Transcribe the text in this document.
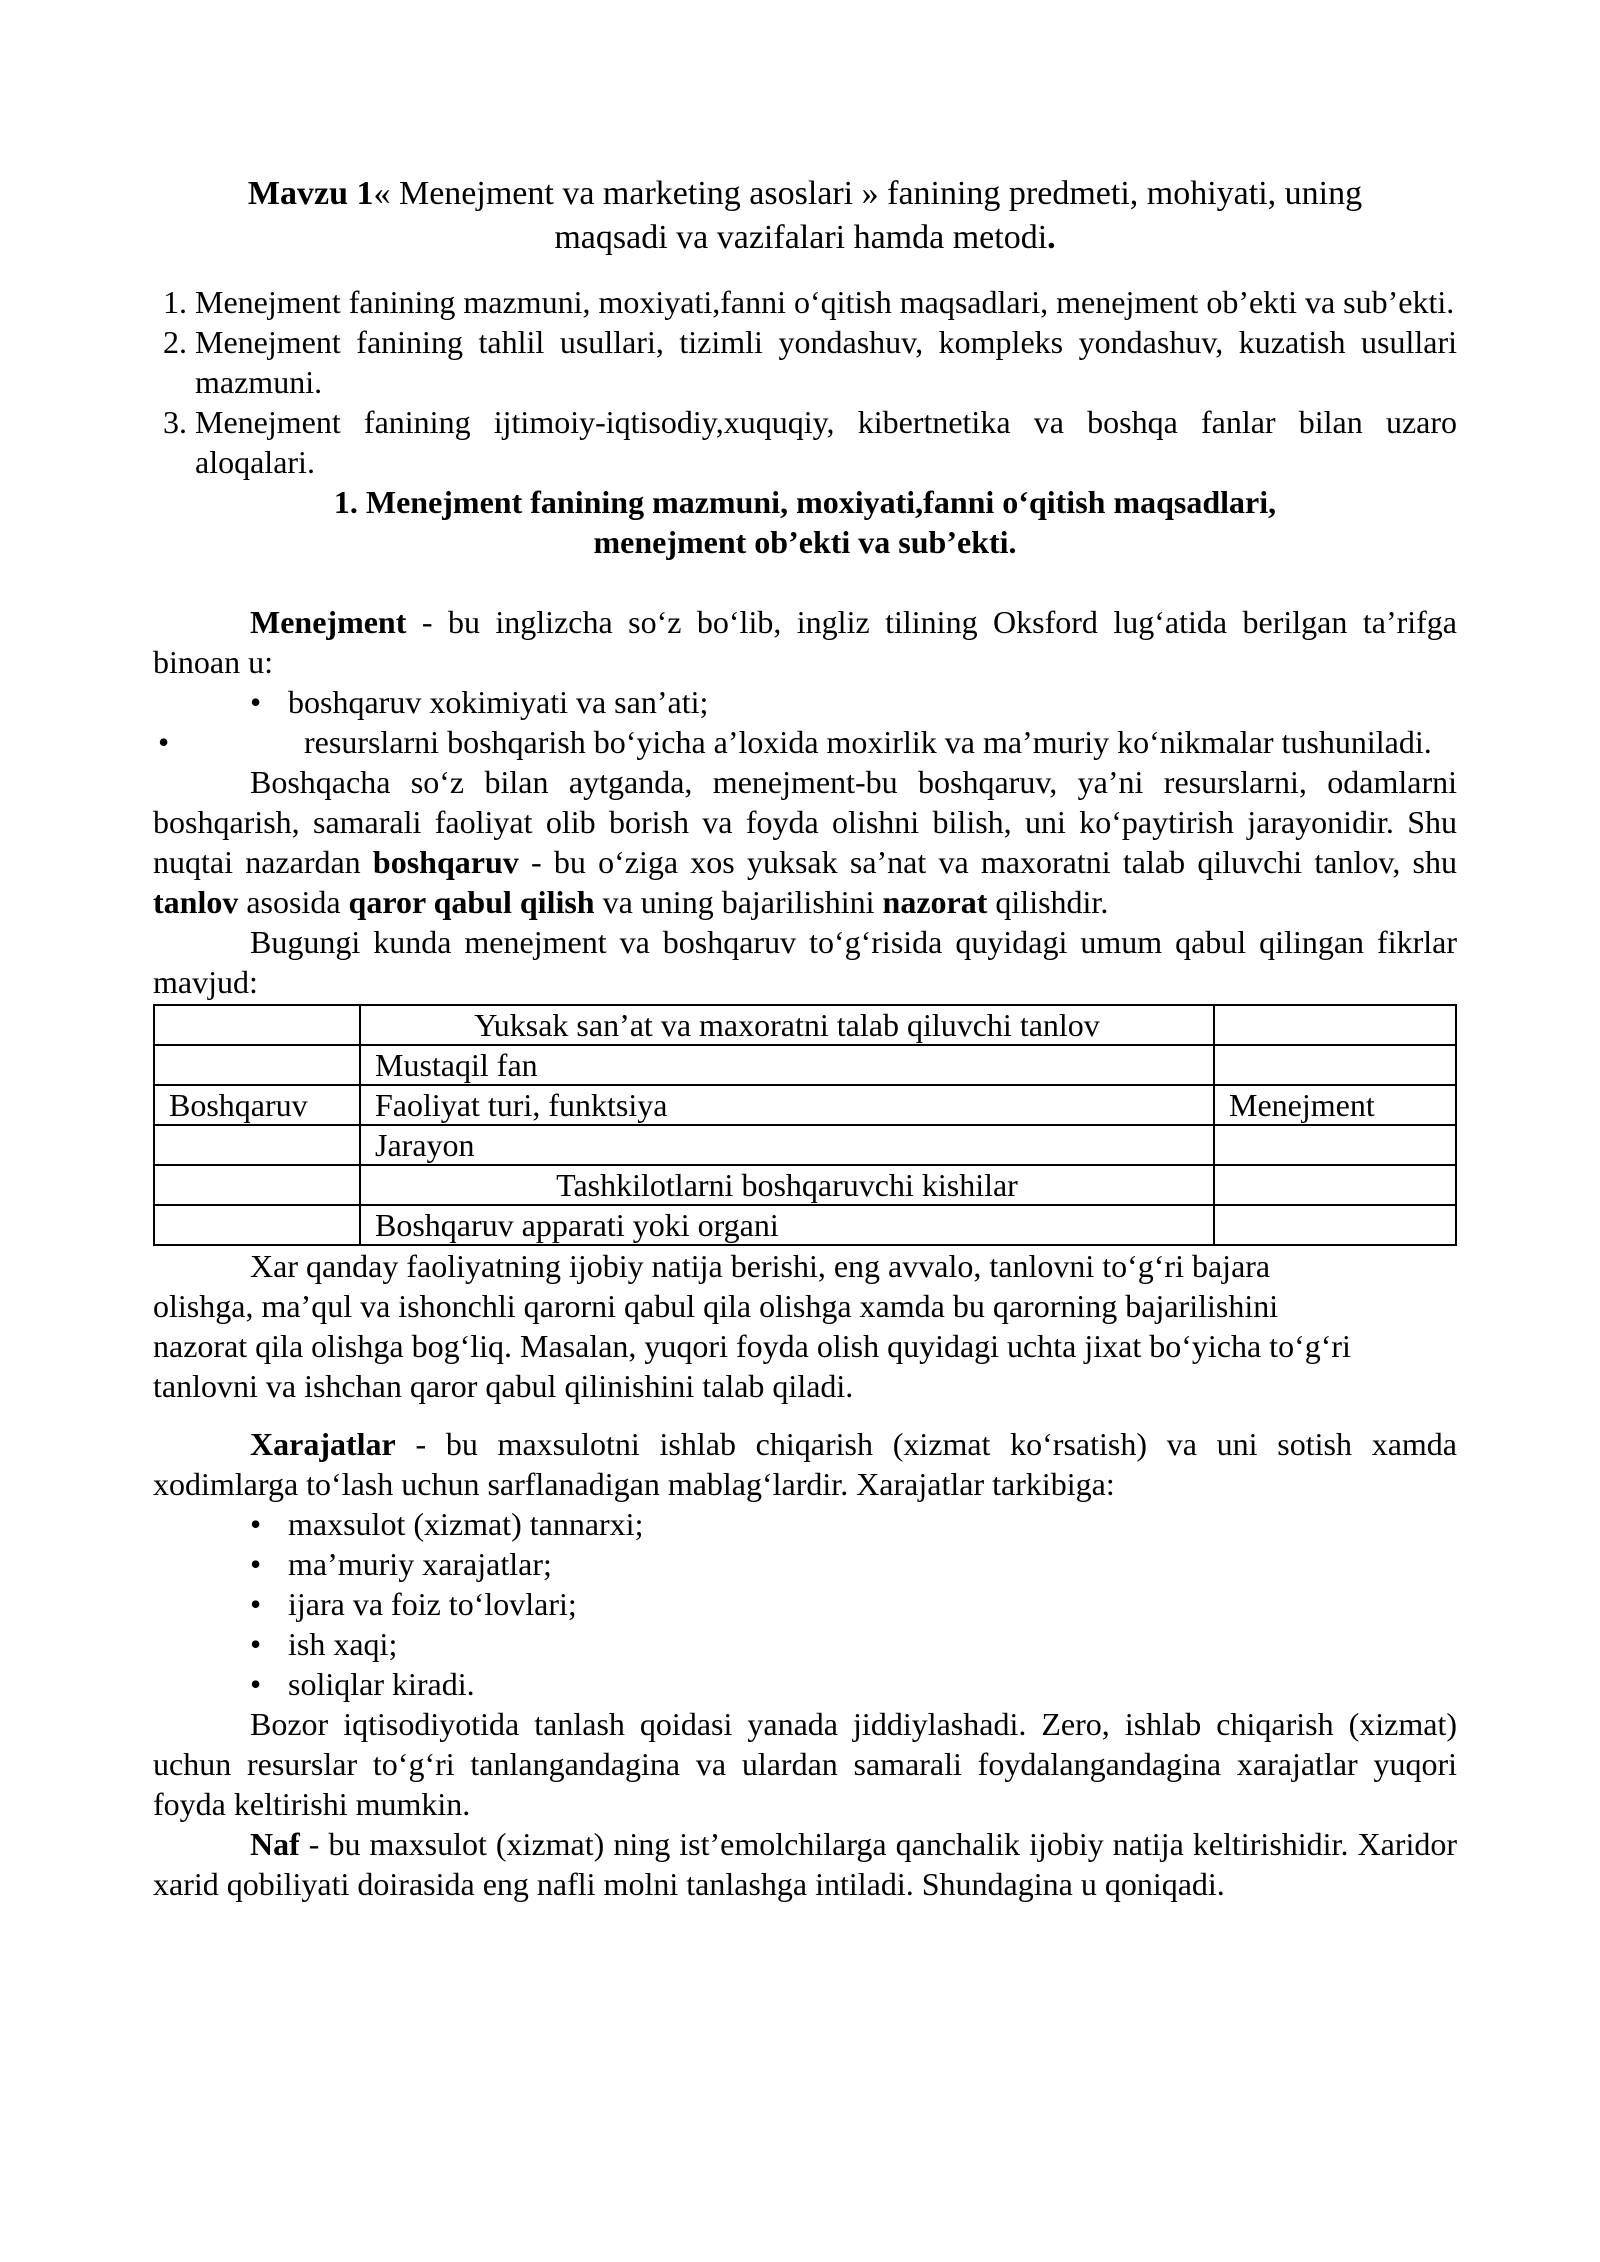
Mavzu 1« Menejment va marketing asoslari » fanining predmeti, mohiyati, uning
maqsadi va vazifalari hamda metodi.
1. Menejment fanining mazmuni, moxiyati,fanni o‘qitish maqsadlari, menejment ob’ekti va sub’ekti.
2. Menejment fanining tahlil usullari, tizimli yondashuv, kompleks yondashuv, kuzatish usullari mazmuni.
3. Menejment fanining ijtimoiy-iqtisodiy,xuquqiy, kibertnetika va boshqa fanlar bilan uzaro aloqalari.
1. Menejment fanining mazmuni, moxiyati,fanni o‘qitish maqsadlari,
menejment ob’ekti va sub’ekti.

Menejment - bu inglizcha so‘z bo‘lib, ingliz tilining Oksford lug‘atida berilgan ta’rifga binoan u:

• boshqaruv xokimiyati va san’ati;
• resurslarni boshqarish bo‘yicha a’loxida moxirlik va ma’muriy ko‘nikmalar tushuniladi.

Boshqacha so‘z bilan aytganda, menejment-bu boshqaruv, ya’ni resurslarni, odamlarni boshqarish, samarali faoliyat olib borish va foyda olishni bilish, uni ko‘paytirish jarayonidir. Shu nuqtai nazardan boshqaruv - bu o‘ziga xos yuksak sa’nat va maxoratni talab qiluvchi tanlov, shu tanlov asosida qaror qabul qilish va uning bajarilishini nazorat qilishdir.

Bugungi kunda menejment va boshqaruv to‘g‘risida quyidagi umum qabul qilingan fikrlar mavjud:

	Yuksak san’at va maxoratni talab qiluvchi tanlov	
	Mustaqil fan	
Boshqaruv	Faoliyat turi, funktsiya	Menejment
	Jarayon	
	Tashkilotlarni boshqaruvchi kishilar	
	Boshqaruv apparati yoki organi	

Xar qanday faoliyatning ijobiy natija berishi, eng avvalo, tanlovni to‘g‘ri bajara olishga, ma’qul va ishonchli qarorni qabul qila olishga xamda bu qarorning bajarilishini nazorat qila olishga bog‘liq. Masalan, yuqori foyda olish quyidagi uchta jixat bo‘yicha to‘g‘ri tanlovni va ishchan qaror qabul qilinishini talab qiladi.

Xarajatlar - bu maxsulotni ishlab chiqarish (xizmat ko‘rsatish) va uni sotish xamda xodimlarga to‘lash uchun sarflanadigan mablag‘lardir. Xarajatlar tarkibiga:

• maxsulot (xizmat) tannarxi;
• ma’muriy xarajatlar;
• ijara va foiz to‘lovlari;
• ish xaqi;
• soliqlar kiradi.

Bozor iqtisodiyotida tanlash qoidasi yanada jiddiylashadi. Zero, ishlab chiqarish (xizmat) uchun resurslar to‘g‘ri tanlangandagina va ulardan samarali foydalangandagina xarajatlar yuqori foyda keltirishi mumkin.

Naf - bu maxsulot (xizmat) ning ist’emolchilarga qanchalik ijobiy natija keltirishidir. Xaridor xarid qobiliyati doirasida eng nafli molni tanlashga intiladi. Shundagina u qoniqadi.
